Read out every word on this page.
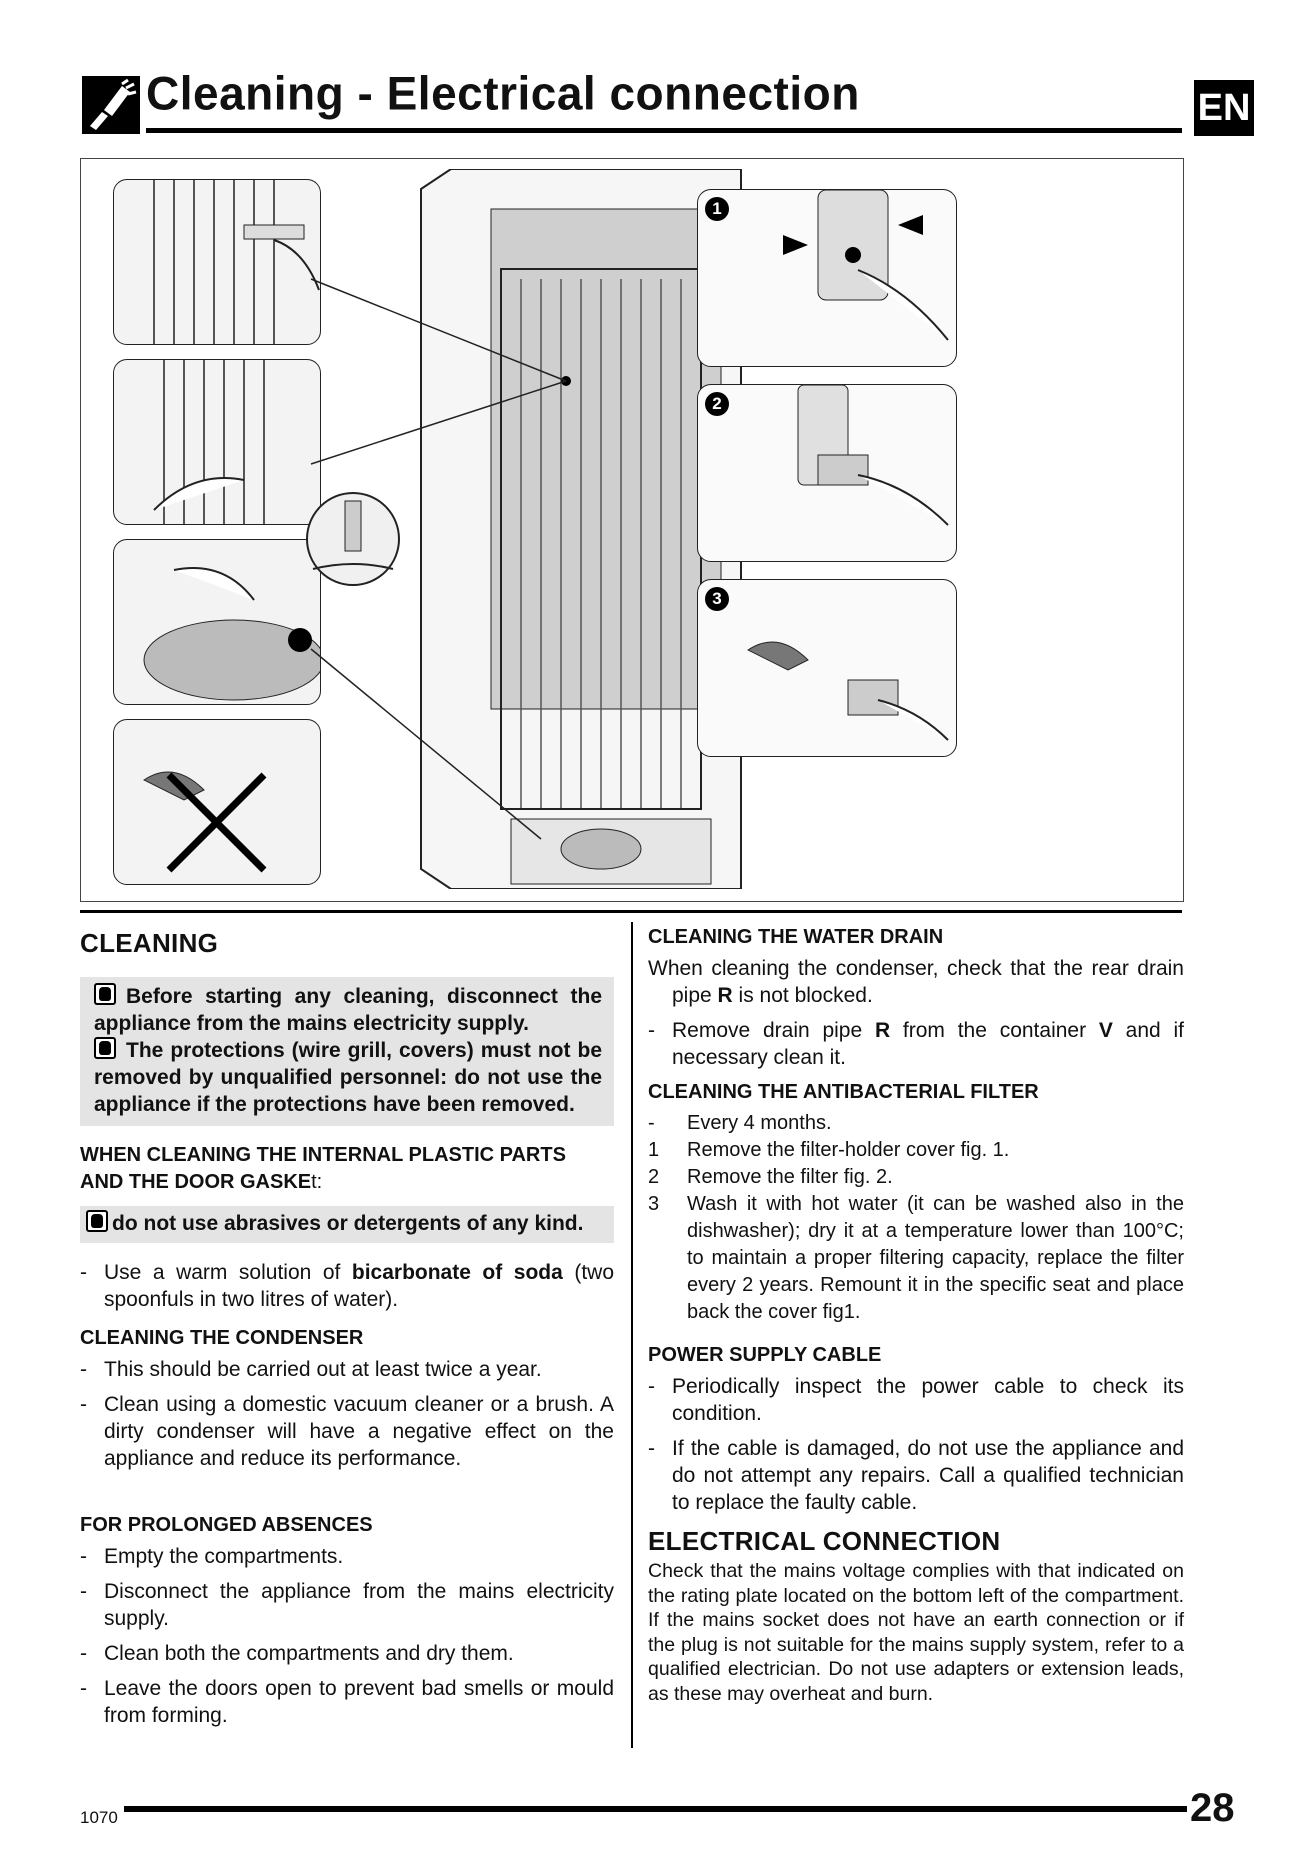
Cleaning - Electrical connection	EN
1
2
3
CLEANING

Before starting any cleaning, disconnect the appliance from the mains electricity supply.

The protections (wire grill, covers) must not be removed by unqualified personnel: do not use the appliance if the protections have been removed.

WHEN CLEANING THE INTERNAL PLASTIC PARTS AND THE DOOR GASKEt:

do not use abrasives or detergents of any kind.

- Use a warm solution of bicarbonate of soda (two spoonfuls in two litres of water).
CLEANING THE CONDENSER
- This should be carried out at least twice a year.
- Clean using a domestic vacuum cleaner or a brush. A dirty condenser will have a negative effect on the appliance and reduce its performance.
FOR PROLONGED ABSENCES
- Empty the compartments.
- Disconnect the appliance from the mains electricity supply.
- Clean both the compartments and dry them.
- Leave the doors open to prevent bad smells or mould from forming.
CLEANING THE WATER DRAIN
When cleaning the condenser, check that the rear drain pipe R is not blocked.
- Remove drain pipe R from the container V and if necessary clean it.
CLEANING THE ANTIBACTERIAL FILTER
- Every 4 months.
1 Remove the filter-holder cover fig. 1.
2 Remove the filter fig. 2.
3 Wash it with hot water (it can be washed also in the dishwasher); dry it at a temperature lower than 100°C; to maintain a proper filtering capacity, replace the filter every 2 years. Remount it in the specific seat and place back the cover fig1.
POWER SUPPLY CABLE
- Periodically inspect the power cable to check its condition.
- If the cable is damaged, do not use the appliance and do not attempt any repairs. Call a qualified technician to replace the faulty cable.
ELECTRICAL CONNECTION

Check that the mains voltage complies with that indicated on the rating plate located on the bottom left of the compartment. If the mains socket does not have an earth connection or if the plug is not suitable for the mains supply system, refer to a qualified electrician. Do not use adapters or extension leads, as these may overheat and burn.

1070	28
